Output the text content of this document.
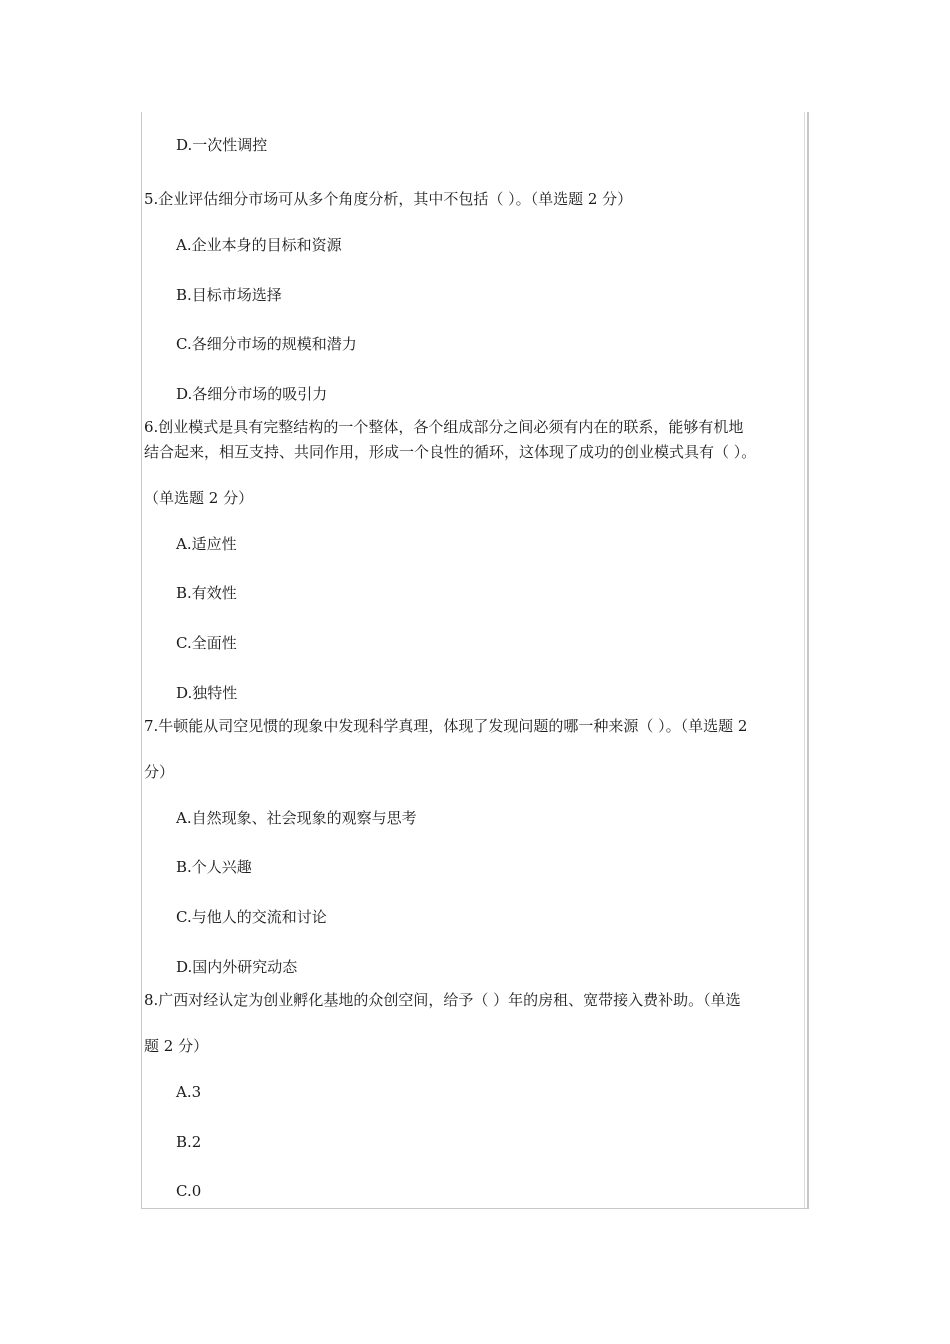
D.一次性调控
5.企业评估细分市场可从多个角度分析，其中不包括（ ）。（单选题 2 分）
A.企业本身的目标和资源
B.目标市场选择
C.各细分市场的规模和潜力
D.各细分市场的吸引力
6.创业模式是具有完整结构的一个整体，各个组成部分之间必须有内在的联系，能够有机地
结合起来，相互支持、共同作用，形成一个良性的循环，这体现了成功的创业模式具有（ ）。
（单选题 2 分）
A.适应性
B.有效性
C.全面性
D.独特性
7.牛顿能从司空见惯的现象中发现科学真理，体现了发现问题的哪一种来源（ ）。（单选题 2
分）
A.自然现象、社会现象的观察与思考
B.个人兴趣
C.与他人的交流和讨论
D.国内外研究动态
8.广西对经认定为创业孵化基地的众创空间，给予（ ）年的房租、宽带接入费补助。（单选
题 2 分）
A.3
B.2
C.0
